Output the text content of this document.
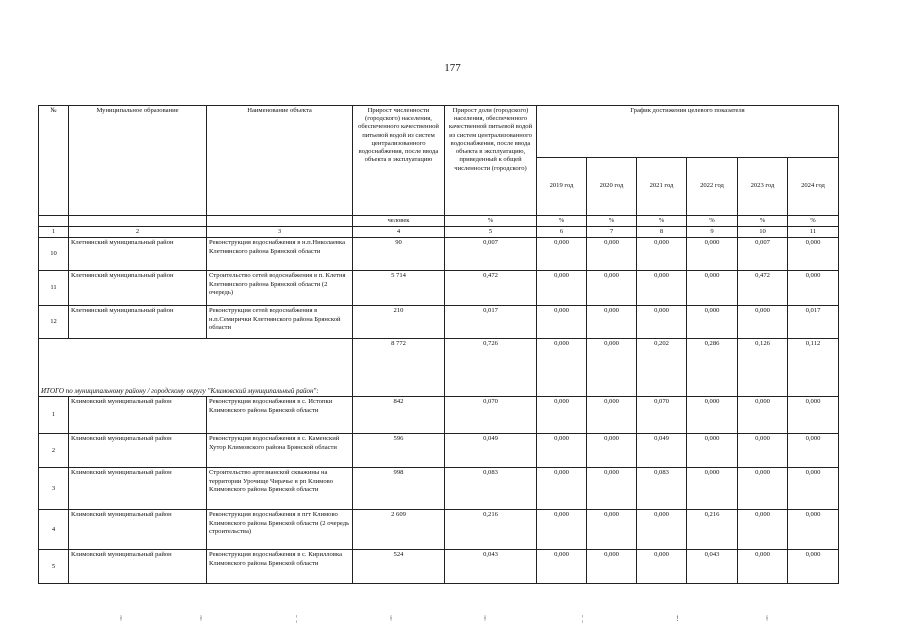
177
№	Муниципальное образование	Наименование объекта	Прирост численности (городского) населения, обеспеченного качественной питьевой водой из систем централизованного водоснабжения, после ввода объекта в эксплуатацию	Прирост доли (городского) населения, обеспеченного качественной питьевой водой из систем централизованного водоснабжения, после ввода объекта в эксплуатацию, приведенный к общей численности (городского)	График достижения целевого показателя					
					2019 год	2020 год	2021 год	2022 год	2023 год	2024 год
			человек	%	%	%	%	%	%	%
1	2	3	4	5	6	7	8	9	10	11
10	Клетнянский муниципальный район	Реконструкция водоснабжения в н.п.Николаевка Клетнянского района Брянской области	90	0,007	0,000	0,000	0,000	0,000	0,007	0,000
11	Клетнянский муниципальный район	Строительство сетей водоснабжения в п. Клетня Клетнянского района Брянской области (2 очередь)	5 714	0,472	0,000	0,000	0,000	0,000	0,472	0,000
12	Клетнянский муниципальный район	Реконструкция сетей водоснабжения в н.п.Семирички Клетнянского района Брянской области	210	0,017	0,000	0,000	0,000	0,000	0,000	0,017
ИТОГО по муниципальному району / городскому округу "Климовский муниципальный район":			8 772	0,726	0,000	0,000	0,202	0,286	0,126	0,112
1	Климовский муниципальный район	Реконструкция водоснабжения в с. Истопки Климовского района Брянской области	842	0,070	0,000	0,000	0,070	0,000	0,000	0,000
2	Климовский муниципальный район	Реконструкция водоснабжения в с. Каменский Хутор Климовского района Брянской области	596	0,049	0,000	0,000	0,049	0,000	0,000	0,000
3	Климовский муниципальный район	Строительство артезианской скважины на территории Урочище Чирачье в рп Климово Климовского района Брянской области	998	0,083	0,000	0,000	0,083	0,000	0,000	0,000
4	Климовский муниципальный район	Реконструкция водоснабжения в пгт Климово Климовского района Брянской области (2 очередь строительства)	2 609	0,216	0,000	0,000	0,000	0,216	0,000	0,000
5	Климовский муниципальный район	Реконструкция водоснабжения в с. Кирилловка Климовского района Брянской области	524	0,043	0,000	0,000	0,000	0,043	0,000	0,000
ǂ	ǂ	¦	ǂ	ǂ	¦	!	ǂ
